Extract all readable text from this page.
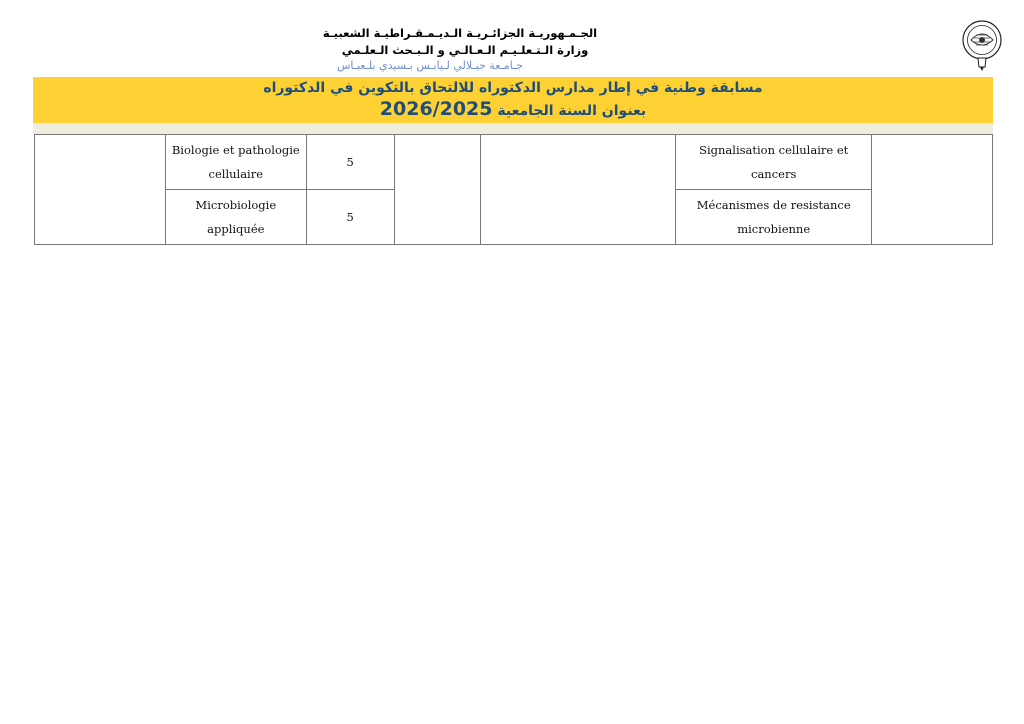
الجـمـهوريـة الجزائـريـة الـديـمـقـراطيـة الشعبيـة
وزارة الـتـعلـيـم الـعـالـي و الـبـحث الـعلـمي
جـامـعة جيـلالي لـيابـس بـسيدي بلـعبـاس
مسابقة وطنية في إطار مدارس الدكتوراه للالتحاق بالتكوين في الدكتوراه
بعنوان السنة الجامعية 2026/2025

	Biologie et pathologie cellulaire	5			Signalisation cellulaire et cancers	

	Microbiologie appliquée	5			Mécanismes de resistance microbienne	
